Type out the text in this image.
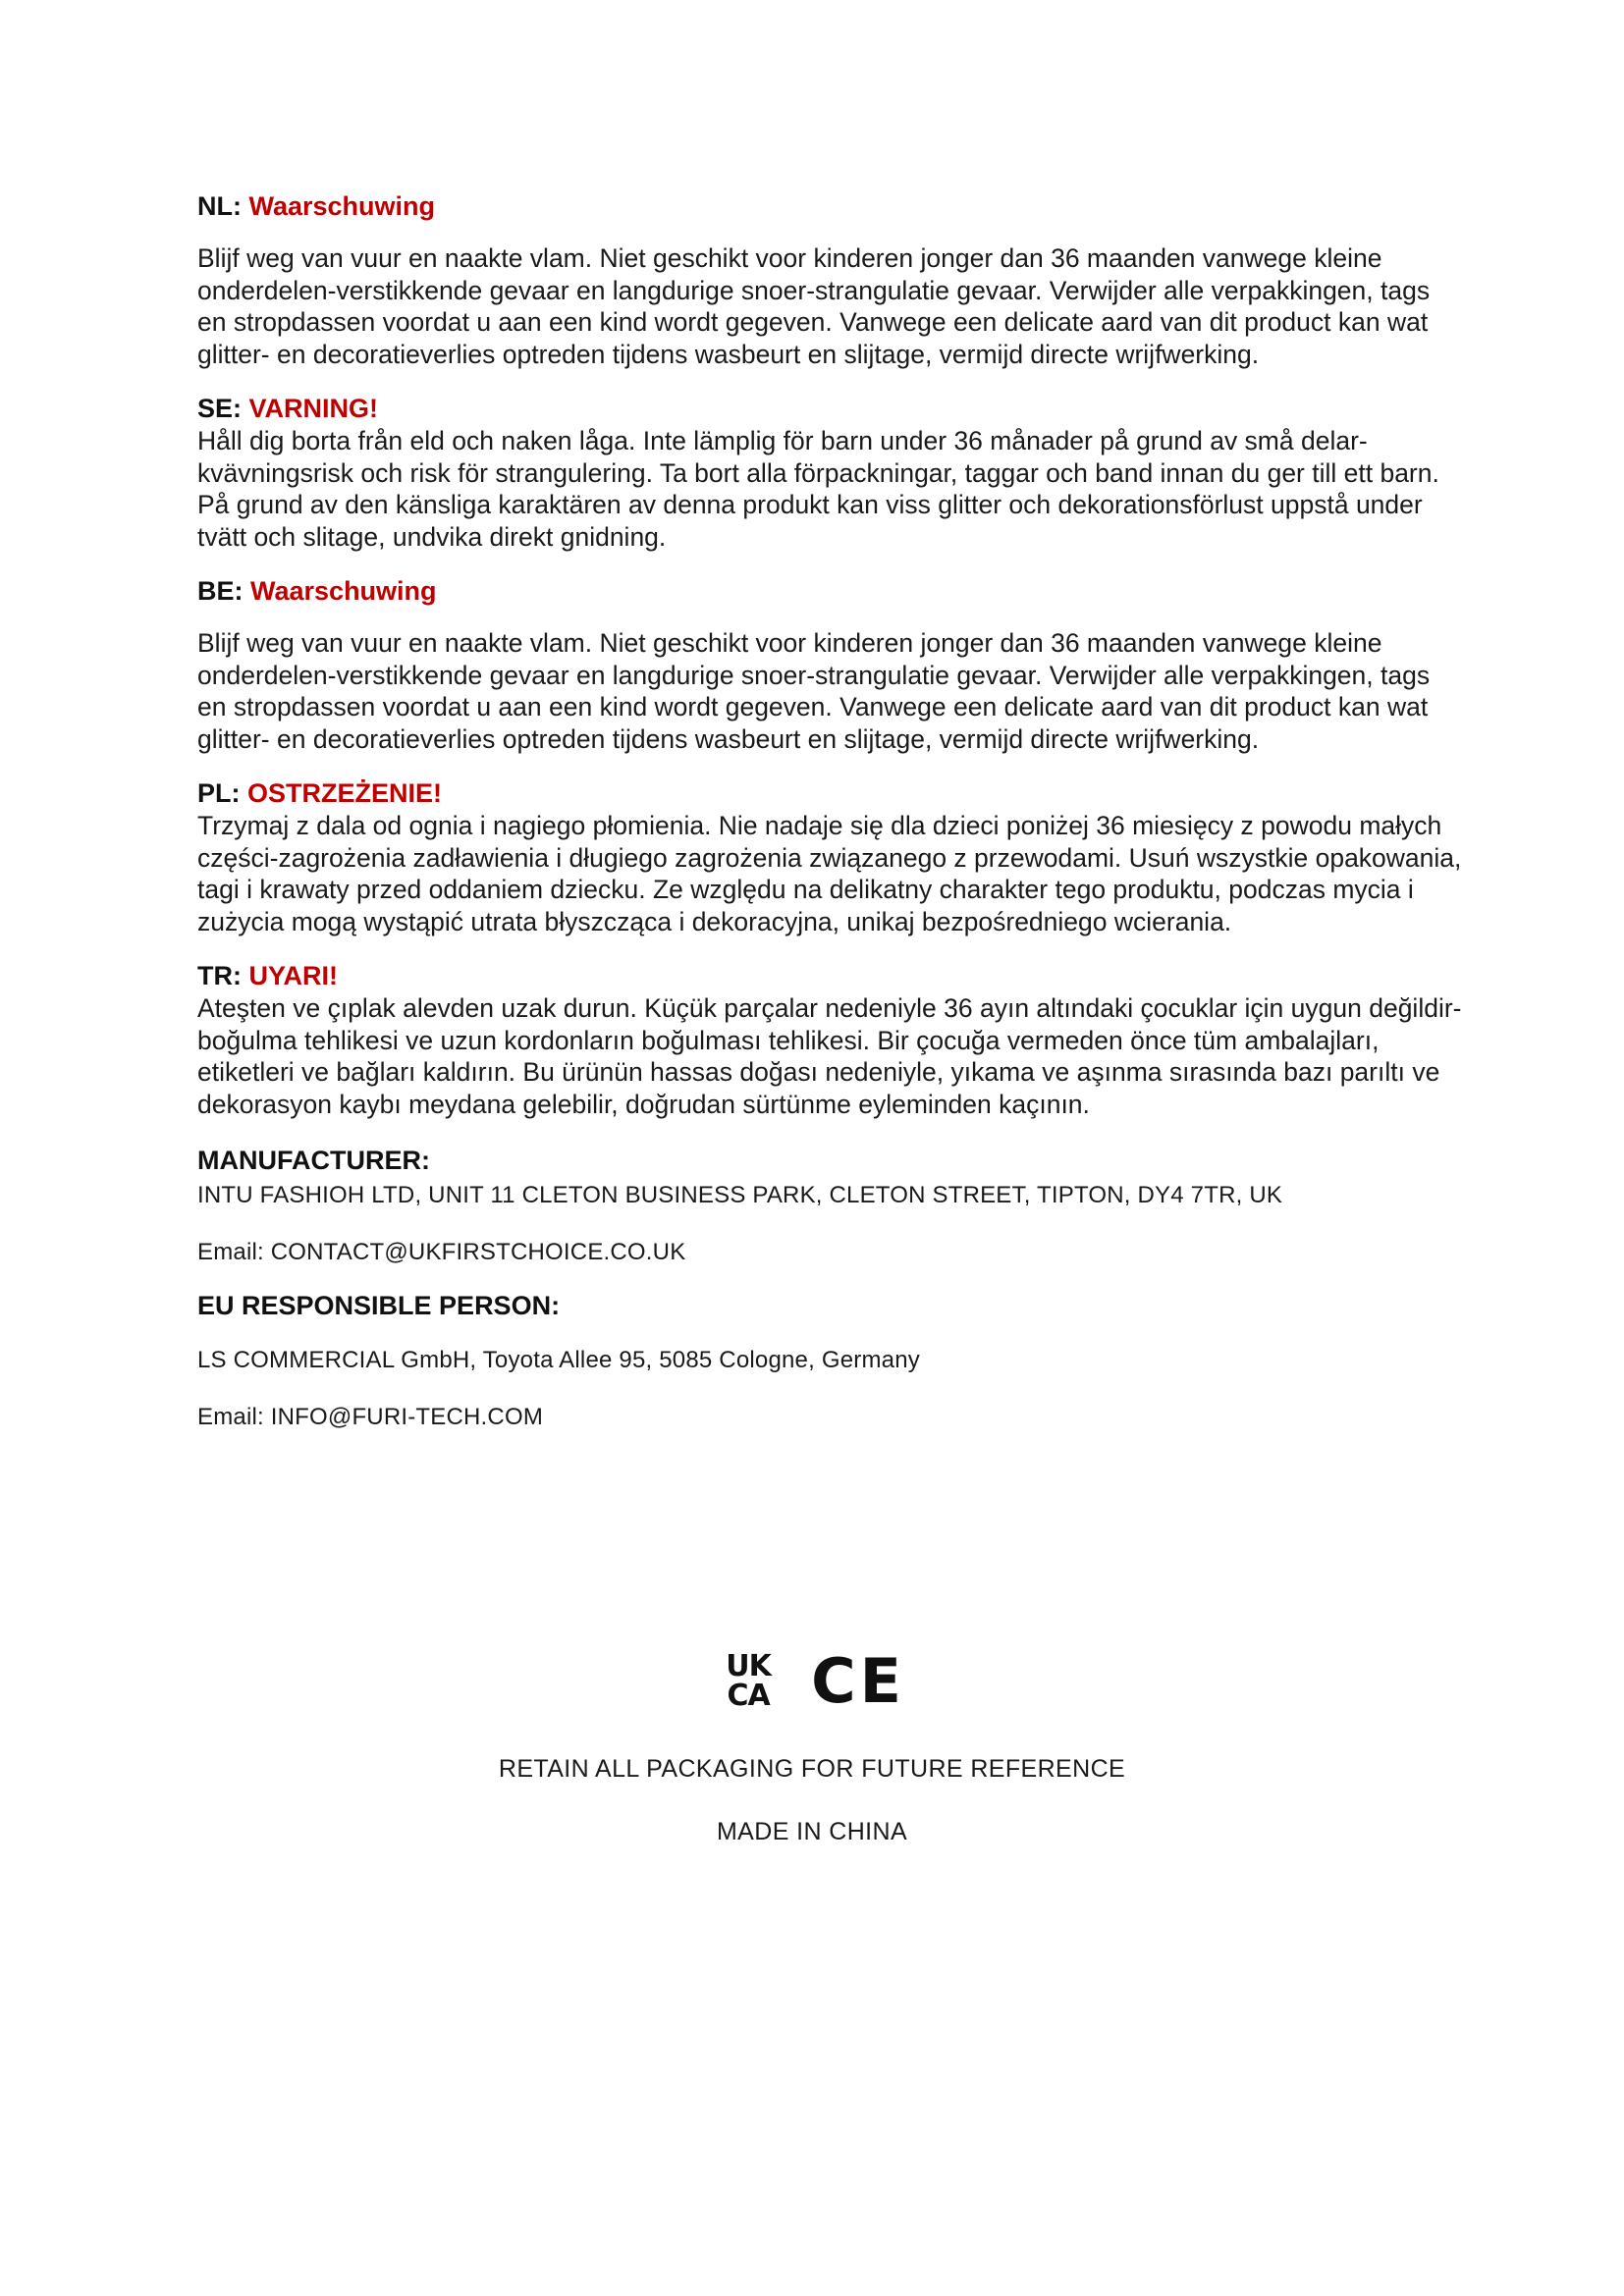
NL: Waarschuwing

Blijf weg van vuur en naakte vlam. Niet geschikt voor kinderen jonger dan 36 maanden vanwege kleine onderdelen-verstikkende gevaar en langdurige snoer-strangulatie gevaar. Verwijder alle verpakkingen, tags en stropdassen voordat u aan een kind wordt gegeven. Vanwege een delicate aard van dit product kan wat glitter- en decoratieverlies optreden tijdens wasbeurt en slijtage, vermijd directe wrijfwerking.

SE: VARNING!

Håll dig borta från eld och naken låga. Inte lämplig för barn under 36 månader på grund av små delar-kvävningsrisk och risk för strangulering. Ta bort alla förpackningar, taggar och band innan du ger till ett barn. På grund av den känsliga karaktären av denna produkt kan viss glitter och dekorationsförlust uppstå under tvätt och slitage, undvika direkt gnidning.

BE: Waarschuwing

Blijf weg van vuur en naakte vlam. Niet geschikt voor kinderen jonger dan 36 maanden vanwege kleine onderdelen-verstikkende gevaar en langdurige snoer-strangulatie gevaar. Verwijder alle verpakkingen, tags en stropdassen voordat u aan een kind wordt gegeven. Vanwege een delicate aard van dit product kan wat glitter- en decoratieverlies optreden tijdens wasbeurt en slijtage, vermijd directe wrijfwerking.

PL: OSTRZEŻENIE!

Trzymaj z dala od ognia i nagiego płomienia. Nie nadaje się dla dzieci poniżej 36 miesięcy z powodu małych części-zagrożenia zadławienia i długiego zagrożenia związanego z przewodami. Usuń wszystkie opakowania, tagi i krawaty przed oddaniem dziecku. Ze względu na delikatny charakter tego produktu, podczas mycia i zużycia mogą wystąpić utrata błyszcząca i dekoracyjna, unikaj bezpośredniego wcierania.

TR: UYARI!

Ateşten ve çıplak alevden uzak durun. Küçük parçalar nedeniyle 36 ayın altındaki çocuklar için uygun değildir-boğulma tehlikesi ve uzun kordonların boğulması tehlikesi. Bir çocuğa vermeden önce tüm ambalajları, etiketleri ve bağları kaldırın. Bu ürünün hassas doğası nedeniyle, yıkama ve aşınma sırasında bazı parıltı ve dekorasyon kaybı meydana gelebilir, doğrudan sürtünme eyleminden kaçının.

MANUFACTURER:

INTU FASHIOH LTD, UNIT 11 CLETON BUSINESS PARK, CLETON STREET, TIPTON, DY4 7TR, UK

Email: CONTACT@UKFIRSTCHOICE.CO.UK

EU RESPONSIBLE PERSON:

LS COMMERCIAL GmbH, Toyota Allee 95, 5085 Cologne, Germany

Email: INFO@FURI-TECH.COM

UK
CA CE
RETAIN ALL PACKAGING FOR FUTURE REFERENCE
MADE IN CHINA
